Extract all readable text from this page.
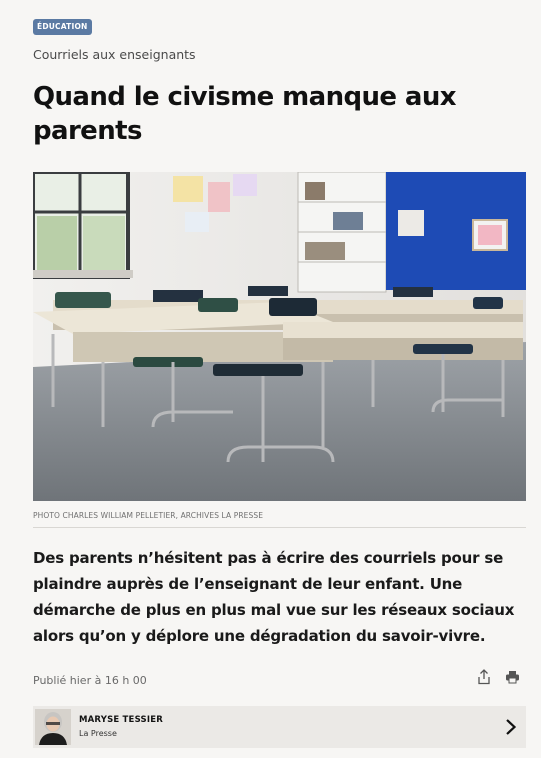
ÉDUCATION
Courriels aux enseignants
Quand le civisme manque aux parents
PHOTO CHARLES WILLIAM PELLETIER, ARCHIVES LA PRESSE

Des parents n’hésitent pas à écrire des courriels pour se plaindre auprès de l’enseignant de leur enfant. Une démarche de plus en plus mal vue sur les réseaux sociaux alors qu’on y déplore une dégradation du savoir-vivre.

Publié hier à 16 h 00
MARYSE TESSIER
La Presse
